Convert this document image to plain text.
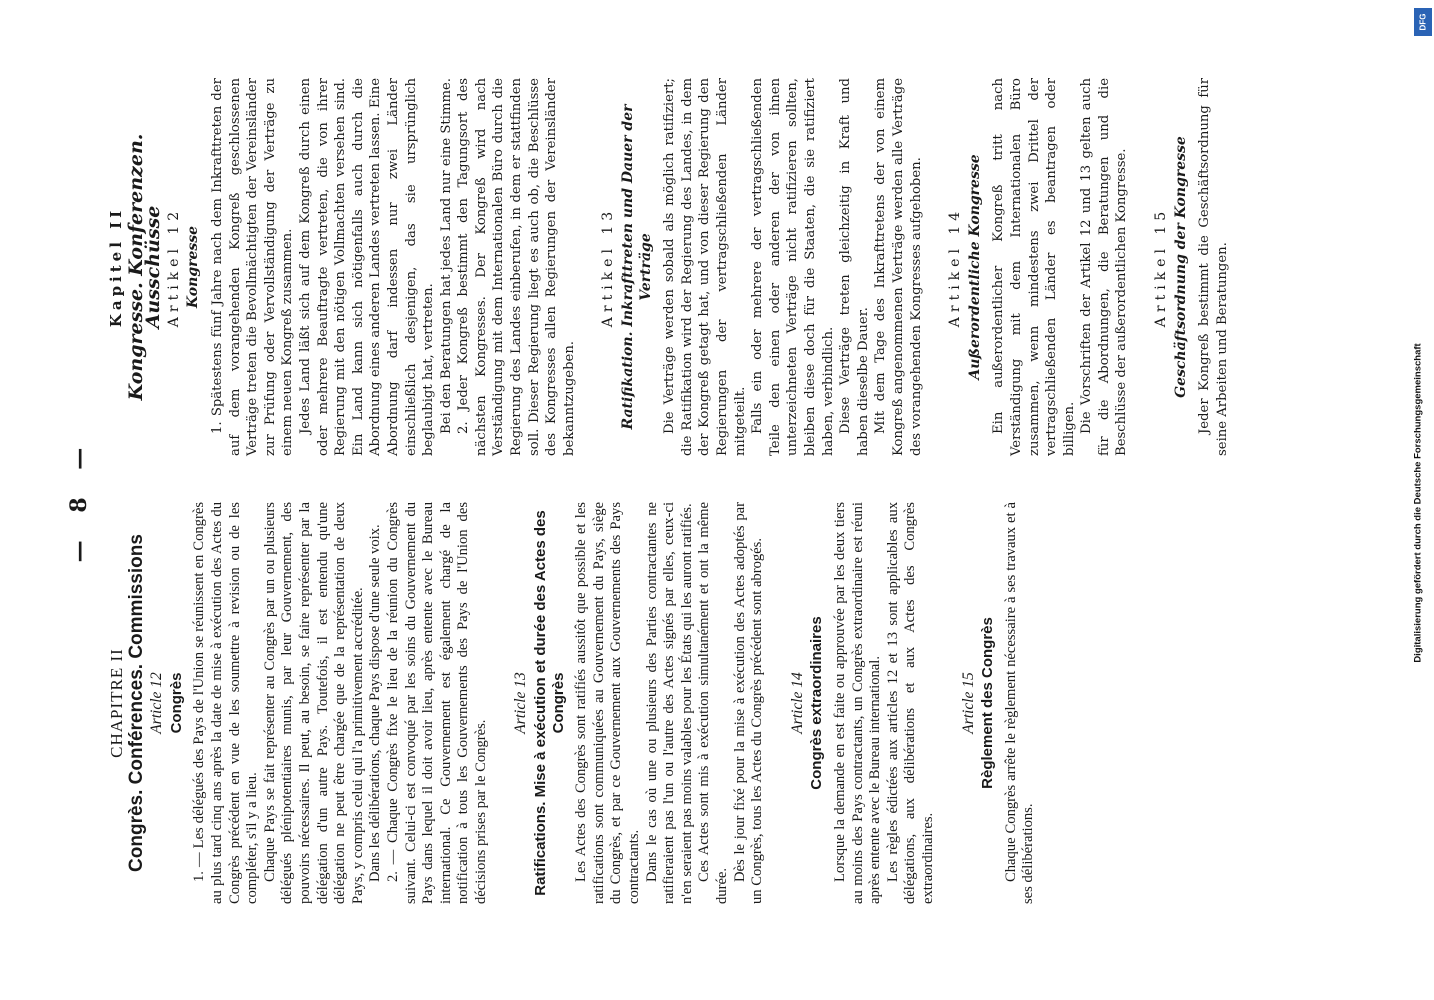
— 8 —
CHAPITRE II Congrès. Conférences. Commissions Article 12 Congrès 1. — Les délégués des Pays de l'Union se réunissent en Congrès au plus tard cinq ans après la date de mise à exécution des Actes du Congrès précédent en vue de les soumettre à revision ou de les compléter, s'il y a lieu. Chaque Pays se fait représenter au Congrès par un ou plusieurs délégués plénipotentiaires munis, par leur Gouvernement, des pouvoirs nécessaires. Il peut, au besoin, se faire représenter par la délégation d'un autre Pays. Toutefois, il est entendu qu'une délégation ne peut être chargée que de la représentation de deux Pays, y compris celui qui l'a primitivement accréditée. Dans les délibérations, chaque Pays dispose d'une seule voix. 2. — Chaque Congrès fixe le lieu de la réunion du Congrès suivant. Celui-ci est convoqué par les soins du Gouvernement du Pays dans lequel il doit avoir lieu, après entente avec le Bureau international. Ce Gouvernement est également chargé de la notification à tous les Gouvernements des Pays de l'Union des décisions prises par le Congrès.

Article 13 Ratifications. Mise à exécution et durée des Actes des Congrès Les Actes des Congrès sont ratifiés aussitôt que possible et les ratifications sont communiquées au Gouvernement du Pays, siège du Congrès, et par ce Gouvernement aux Gouvernements des Pays contractants. Dans le cas où une ou plusieurs des Parties contractantes ne ratifieraient pas l'un ou l'autre des Actes signés par elles, ceux-ci n'en seraient pas moins valables pour les États qui les auront ratifiés. Ces Actes sont mis à exécution simultanément et ont la même durée.

Dès le jour fixé pour la mise à exécution des Actes adoptés par un Congrès, tous les Actes du Congrès précédent sont abrogés. Article 14 Congrès extraordinaires Lorsque la demande en est faite ou approuvée par les deux tiers au moins des Pays contractants, un Congrès extraordinaire est réuni après entente avec le Bureau international. Les règles édictées aux articles 12 et 13 sont applicables aux délégations, aux délibérations et aux Actes des Congrès extraordinaires.

Article 15 Règlement des Congrès Chaque Congrès arrête le règlement nécessaire à ses travaux et à ses délibérations.

Kapitel II Kongresse. Konferenzen. Ausschüsse Artikel 12 Kongresse 1. Spätestens fünf Jahre nach dem Inkrafttreten der auf dem vorangehenden Kongreß geschlossenen Verträge treten die Bevollmächtigten der Vereinsländer zur Prüfung oder Vervollständigung der Verträge zu einem neuen Kongreß zusammen. Jedes Land läßt sich auf dem Kongreß durch einen oder mehrere Beauftragte vertreten, die von ihrer Regierung mit den nötigen Vollmachten versehen sind. Ein Land kann sich nötigenfalls auch durch die Abordnung eines anderen Landes vertreten lassen. Eine Abordnung darf indessen nur zwei Länder einschließlich desjenigen, das sie ursprünglich beglaubigt hat, vertreten. Bei den Beratungen hat jedes Land nur eine Stimme. 2. Jeder Kongreß bestimmt den Tagungsort des nächsten Kongresses. Der Kongreß wird nach Verständigung mit dem Internationalen Büro durch die Regierung des Landes einberufen, in dem er stattfinden soll. Dieser Regierung liegt es auch ob, die Beschlüsse des Kongresses allen Regierungen der Vereinsländer bekanntzugeben.

Artikel 13 Ratifikation. Inkrafttreten und Dauer der Verträge Die Verträge werden sobald als möglich ratifiziert; die Ratifikation wird der Regierung des Landes, in dem der Kongreß getagt hat, und von dieser Regierung den Regierungen der vertragschließenden Länder mitgeteilt. Falls ein oder mehrere der vertragschließenden Teile den einen oder anderen der von ihnen unterzeichneten Verträge nicht ratifizieren sollten, bleiben diese doch für die Staaten, die sie ratifiziert haben, verbindlich. Diese Verträge treten gleichzeitig in Kraft und haben dieselbe Dauer. Mit dem Tage des Inkrafttretens der von einem Kongreß angenommenen Verträge werden alle Verträge des vorangehenden Kongresses aufgehoben. Artikel 14 Außerordentliche Kongresse Ein außerordentlicher Kongreß tritt nach Verständigung mit dem Internationalen Büro zusammen, wenn mindestens zwei Drittel der vertragschließenden Länder es beantragen oder billigen. Die Vorschriften der Artikel 12 und 13 gelten auch für die Abordnungen, die Beratungen und die Beschlüsse der außerordentlichen Kongresse. Artikel 15 Geschäftsordnung der Kongresse Jeder Kongreß bestimmt die Geschäftsordnung für seine Arbeiten und Beratungen.

DFG
Digitalisierung gefördert durch die Deutsche Forschungsgemeinschaft
